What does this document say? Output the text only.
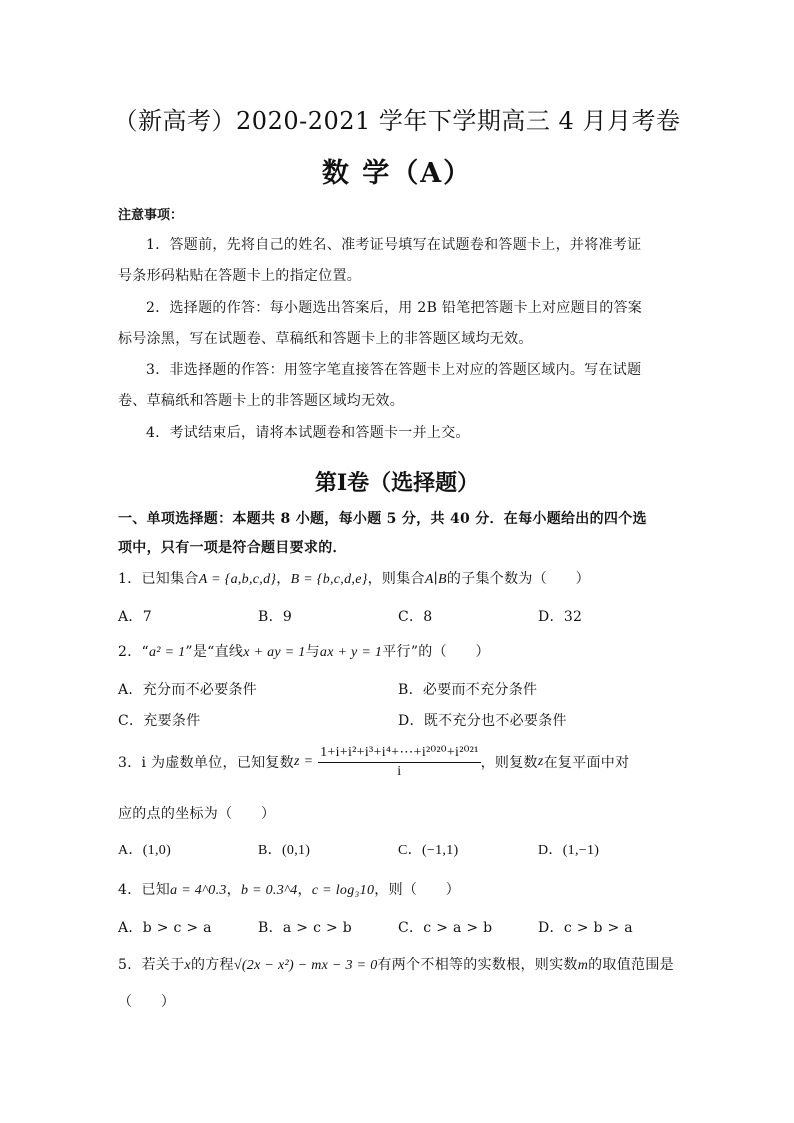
（新高考）2020-2021 学年下学期高三 4 月月考卷
数 学（A）
注意事项：
1．答题前，先将自己的姓名、准考证号填写在试题卷和答题卡上，并将准考证
号条形码粘贴在答题卡上的指定位置。
2．选择题的作答：每小题选出答案后，用 2B 铅笔把答题卡上对应题目的答案
标号涂黑，写在试题卷、草稿纸和答题卡上的非答题区域均无效。
3．非选择题的作答：用签字笔直接答在答题卡上对应的答题区域内。写在试题
卷、草稿纸和答题卡上的非答题区域均无效。
4．考试结束后，请将本试题卷和答题卡一并上交。
第Ⅰ卷（选择题）
一、单项选择题：本题共 8 小题，每小题 5 分，共 40 分．在每小题给出的四个选
项中，只有一项是符合题目要求的．
1．已知集合A = {a,b,c,d}，B = {b,c,d,e}，则集合A∣B的子集个数为（　　）
A．7	B．9	C．8	D．32
2．“a² = 1”是“直线x + ay = 1与ax + y = 1平行”的（　　）
A．充分而不必要条件	B．必要而不充分条件
C．充要条件	D．既不充分也不必要条件
3．i 为虚数单位，已知复数$z = \frac{\text{1+i+i²+i³+i⁴+⋯+i²⁰²⁰+i²⁰²¹}}{i}$ ，则复数z在复平面中对
应的点的坐标为（　　）
A．(1,0)	B．(0,1)	C．(−1,1)	D．(1,−1)
4．已知a = 4^0.3，b = 0.3^4，c = log₃10，则（　　）
A．b > c > a	B．a > c > b	C．c > a > b	D．c > b > a
5．若关于x的方程√(2x − x²) − mx − 3 = 0有两个不相等的实数根，则实数m的取值范围是
（　　）
